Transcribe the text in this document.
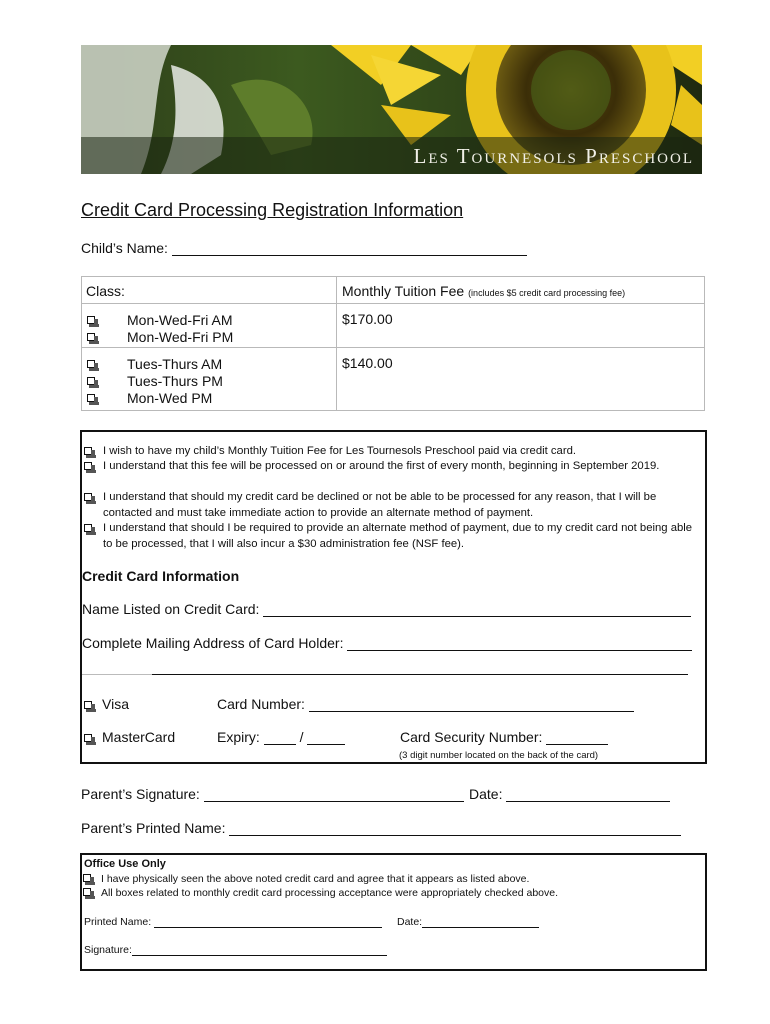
Les Tournesols Preschool
Credit Card Processing Registration Information
Child’s Name:
Class:	Monthly Tuition Fee (includes $5 credit card processing fee)

Mon-Wed-Fri AM
Mon-Wed-Fri PM	$170.00

Tues-Thurs AM
Tues-Thurs PM
Mon-Wed PM	$140.00
I wish to have my child’s Monthly Tuition Fee for Les Tournesols Preschool paid via credit card.
I understand that this fee will be processed on or around the first of every month, beginning in September 2019.
I understand that should my credit card be declined or not be able to be processed for any reason, that I will be contacted and must take immediate action to provide an alternate method of payment.
I understand that should I be required to provide an alternate method of payment, due to my credit card not being able to be processed, that I will also incur a $30 administration fee (NSF fee).
Credit Card Information
Name Listed on Credit Card:
Complete Mailing Address of Card Holder:
Visa	Card Number:
MasterCard	Expiry:	/	Card Security Number:
(3 digit number located on the back of the card)
Parent’s Signature:	Date:
Parent’s Printed Name:
Office Use Only
I have physically seen the above noted credit card and agree that it appears as listed above.
All boxes related to monthly credit card processing acceptance were appropriately checked above.
Printed Name:	Date:
Signature:
